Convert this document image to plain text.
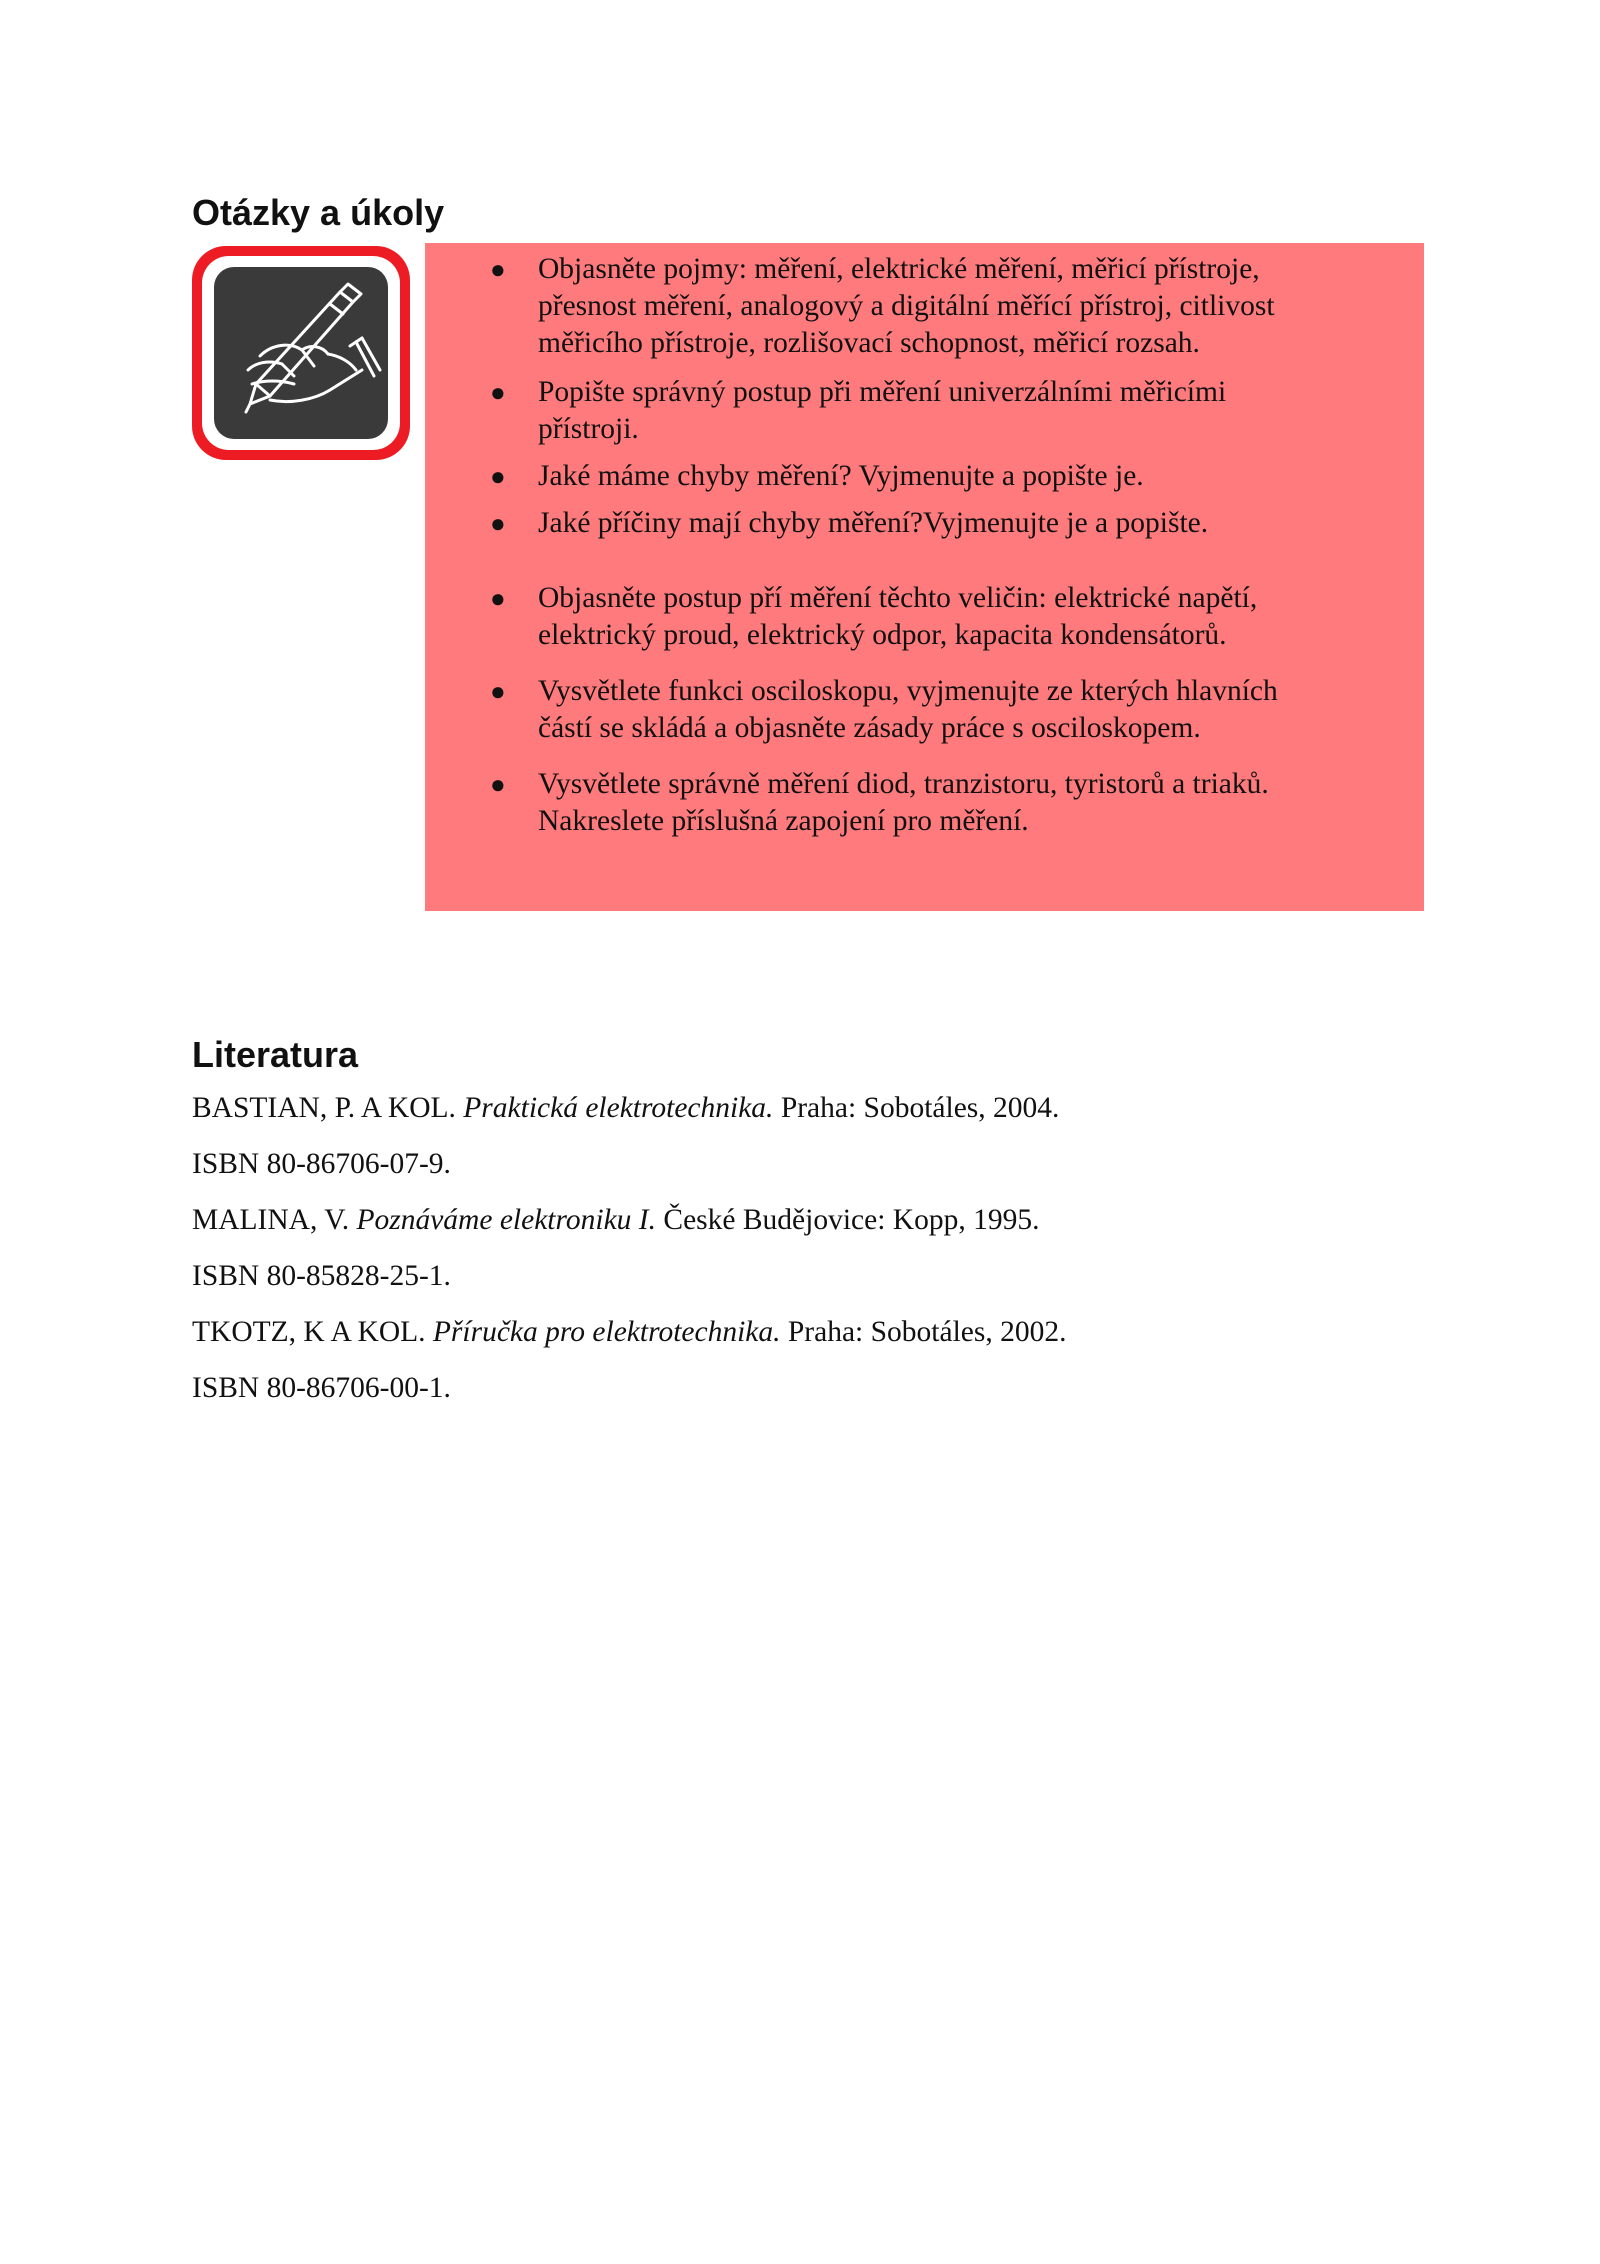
Otázky a úkoly
● Objasněte pojmy: měření, elektrické měření, měřicí přístroje,
přesnost měření, analogový a digitální měřící přístroj, citlivost
měřicího přístroje, rozlišovací schopnost, měřicí rozsah.
● Popište správný postup při měření univerzálními měřicími
přístroji.
● Jaké máme chyby měření? Vyjmenujte a popište je.
● Jaké příčiny mají chyby měření?Vyjmenujte je a popište.
● Objasněte postup pří měření těchto veličin: elektrické napětí,
elektrický proud, elektrický odpor, kapacita kondensátorů.
● Vysvětlete funkci osciloskopu, vyjmenujte ze kterých hlavních
částí se skládá a objasněte zásady práce s osciloskopem.
● Vysvětlete správně měření diod, tranzistoru, tyristorů a triaků.
Nakreslete příslušná zapojení pro měření.
Literatura
BASTIAN, P. A KOL. Praktická elektrotechnika. Praha: Sobotáles, 2004.
ISBN 80-86706-07-9.
MALINA, V. Poznáváme elektroniku I. České Budějovice: Kopp, 1995.
ISBN 80-85828-25-1.
TKOTZ, K A KOL. Příručka pro elektrotechnika. Praha: Sobotáles, 2002.
ISBN 80-86706-00-1.
